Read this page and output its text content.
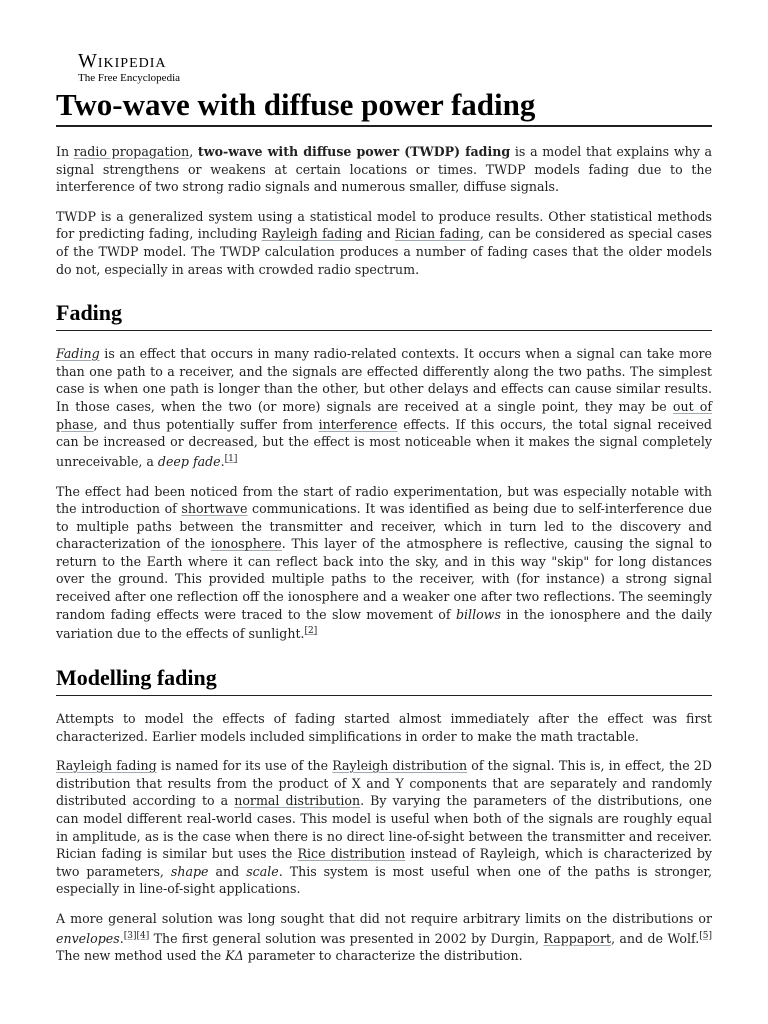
Wikipedia
The Free Encyclopedia
Two-wave with diffuse power fading

In radio propagation, two-wave with diffuse power (TWDP) fading is a model that explains why a signal strengthens or weakens at certain locations or times. TWDP models fading due to the interference of two strong radio signals and numerous smaller, diffuse signals.

TWDP is a generalized system using a statistical model to produce results. Other statistical methods for predicting fading, including Rayleigh fading and Rician fading, can be considered as special cases of the TWDP model. The TWDP calculation produces a number of fading cases that the older models do not, especially in areas with crowded radio spectrum.

Fading

Fading is an effect that occurs in many radio-related contexts. It occurs when a signal can take more than one path to a receiver, and the signals are effected differently along the two paths. The simplest case is when one path is longer than the other, but other delays and effects can cause similar results. In those cases, when the two (or more) signals are received at a single point, they may be out of phase, and thus potentially suffer from interference effects. If this occurs, the total signal received can be increased or decreased, but the effect is most noticeable when it makes the signal completely unreceivable, a deep fade.[1]

The effect had been noticed from the start of radio experimentation, but was especially notable with the introduction of shortwave communications. It was identified as being due to self-interference due to multiple paths between the transmitter and receiver, which in turn led to the discovery and characterization of the ionosphere. This layer of the atmosphere is reflective, causing the signal to return to the Earth where it can reflect back into the sky, and in this way "skip" for long distances over the ground. This provided multiple paths to the receiver, with (for instance) a strong signal received after one reflection off the ionosphere and a weaker one after two reflections. The seemingly random fading effects were traced to the slow movement of billows in the ionosphere and the daily variation due to the effects of sunlight.[2]

Modelling fading

Attempts to model the effects of fading started almost immediately after the effect was first characterized. Earlier models included simplifications in order to make the math tractable.

Rayleigh fading is named for its use of the Rayleigh distribution of the signal. This is, in effect, the 2D distribution that results from the product of X and Y components that are separately and randomly distributed according to a normal distribution. By varying the parameters of the distributions, one can model different real-world cases. This model is useful when both of the signals are roughly equal in amplitude, as is the case when there is no direct line-of-sight between the transmitter and receiver. Rician fading is similar but uses the Rice distribution instead of Rayleigh, which is characterized by two parameters, shape and scale. This system is most useful when one of the paths is stronger, especially in line-of-sight applications.

A more general solution was long sought that did not require arbitrary limits on the distributions or envelopes.[3][4] The first general solution was presented in 2002 by Durgin, Rappaport, and de Wolf.[5] The new method used the KΔ parameter to characterize the distribution.
